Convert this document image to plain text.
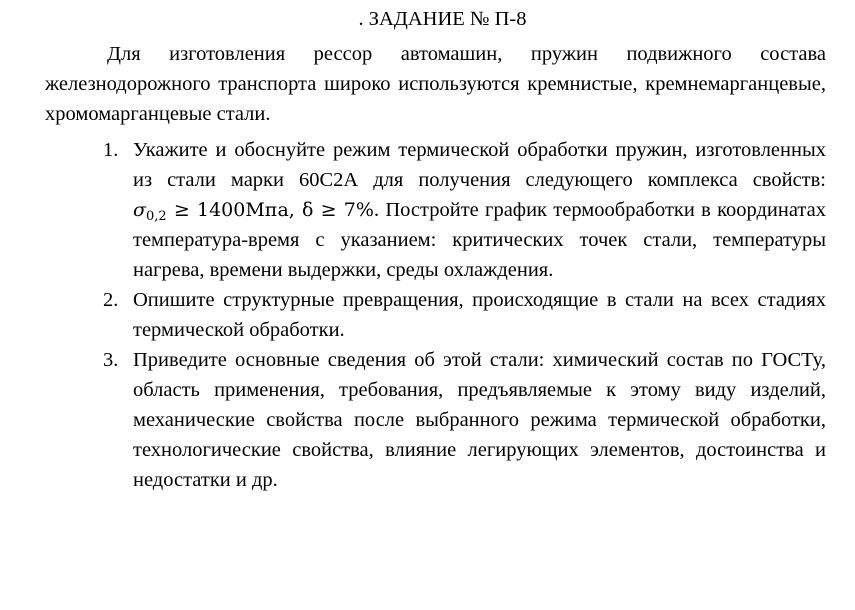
. ЗАДАНИЕ № П-8

Для изготовления рессор автомашин, пружин подвижного состава железнодорожного транспорта широко используются кремнистые, кремнемарганцевые, хромомарганцевые стали.

1. Укажите и обоснуйте режим термической обработки пружин, изготовленных из стали марки 60С2А для получения следующего комплекса свойств: $\sigma_{0,2} \ge 1400Мпа$, δ ≥ 7%. Постройте график термообработки в координатах температура-время с указанием: критических точек стали, температуры нагрева, времени выдержки, среды охлаждения.
2. Опишите структурные превращения, происходящие в стали на всех стадиях термической обработки.
3. Приведите основные сведения об этой стали: химический состав по ГОСТу, область применения, требования, предъявляемые к этому виду изделий, механические свойства после выбранного режима термической обработки, технологические свойства, влияние легирующих элементов, достоинства и недостатки и др.
